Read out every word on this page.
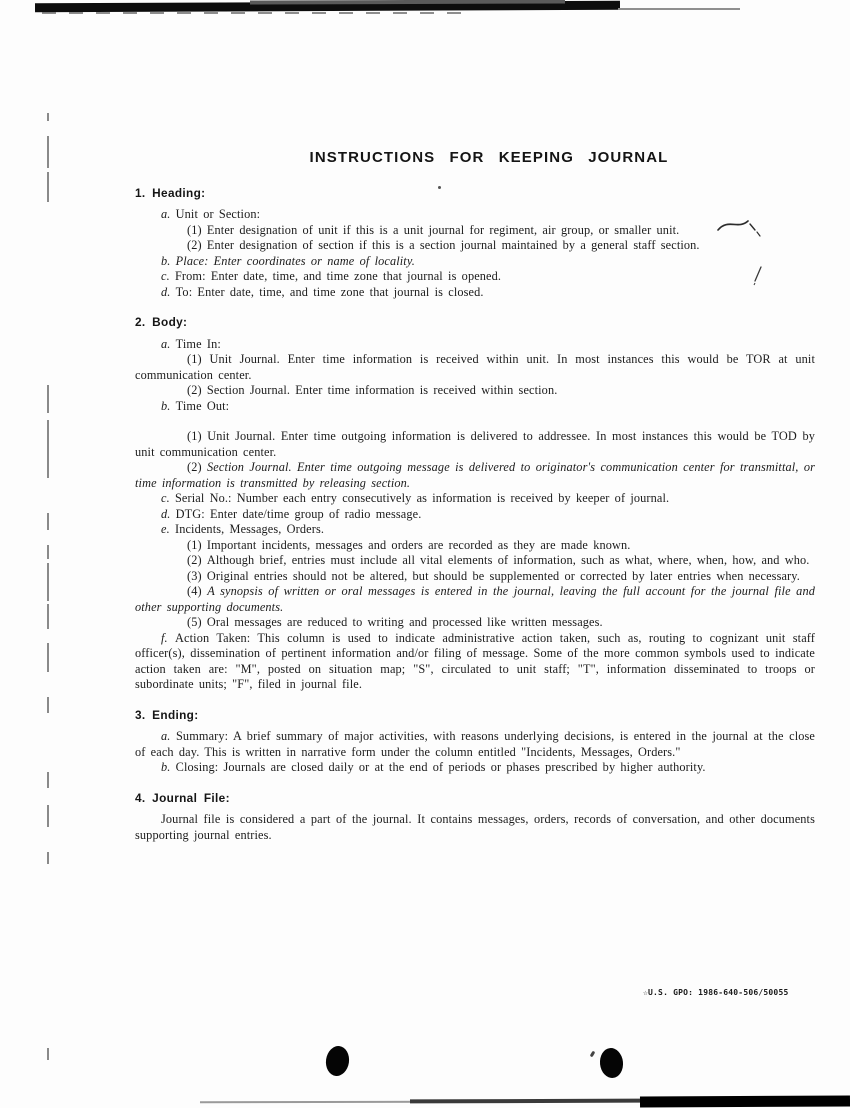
INSTRUCTIONS FOR KEEPING JOURNAL
1. Heading:

a. Unit or Section:

(1) Enter designation of unit if this is a unit journal for regiment, air group, or smaller unit.

(2) Enter designation of section if this is a section journal maintained by a general staff section.

b. Place: Enter coordinates or name of locality.

c. From: Enter date, time, and time zone that journal is opened.

d. To: Enter date, time, and time zone that journal is closed.

2. Body:

a. Time In:

(1) Unit Journal. Enter time information is received within unit. In most instances this would be TOR at unit communication center.

(2) Section Journal. Enter time information is received within section.

b. Time Out:

(1) Unit Journal. Enter time outgoing information is delivered to addressee. In most instances this would be TOD by unit communication center.

(2) Section Journal. Enter time outgoing message is delivered to originator's communication center for transmittal, or time information is transmitted by releasing section.

c. Serial No.: Number each entry consecutively as information is received by keeper of journal.

d. DTG: Enter date/time group of radio message.

e. Incidents, Messages, Orders.

(1) Important incidents, messages and orders are recorded as they are made known.

(2) Although brief, entries must include all vital elements of information, such as what, where, when, how, and who.

(3) Original entries should not be altered, but should be supplemented or corrected by later entries when necessary.

(4) A synopsis of written or oral messages is entered in the journal, leaving the full account for the journal file and other supporting documents.

(5) Oral messages are reduced to writing and processed like written messages.

f. Action Taken: This column is used to indicate administrative action taken, such as, routing to cognizant unit staff officer(s), dissemination of pertinent information and/or filing of message. Some of the more common symbols used to indicate action taken are: "M", posted on situation map; "S", circulated to unit staff; "T", information disseminated to troops or subordinate units; "F", filed in journal file.

3. Ending:

a. Summary: A brief summary of major activities, with reasons underlying decisions, is entered in the journal at the close of each day. This is written in narrative form under the column entitled "Incidents, Messages, Orders."

b. Closing: Journals are closed daily or at the end of periods or phases prescribed by higher authority.

4. Journal File:

Journal file is considered a part of the journal. It contains messages, orders, records of conversation, and other documents supporting journal entries.

☆U.S. GPO: 1986-640-506/50055
